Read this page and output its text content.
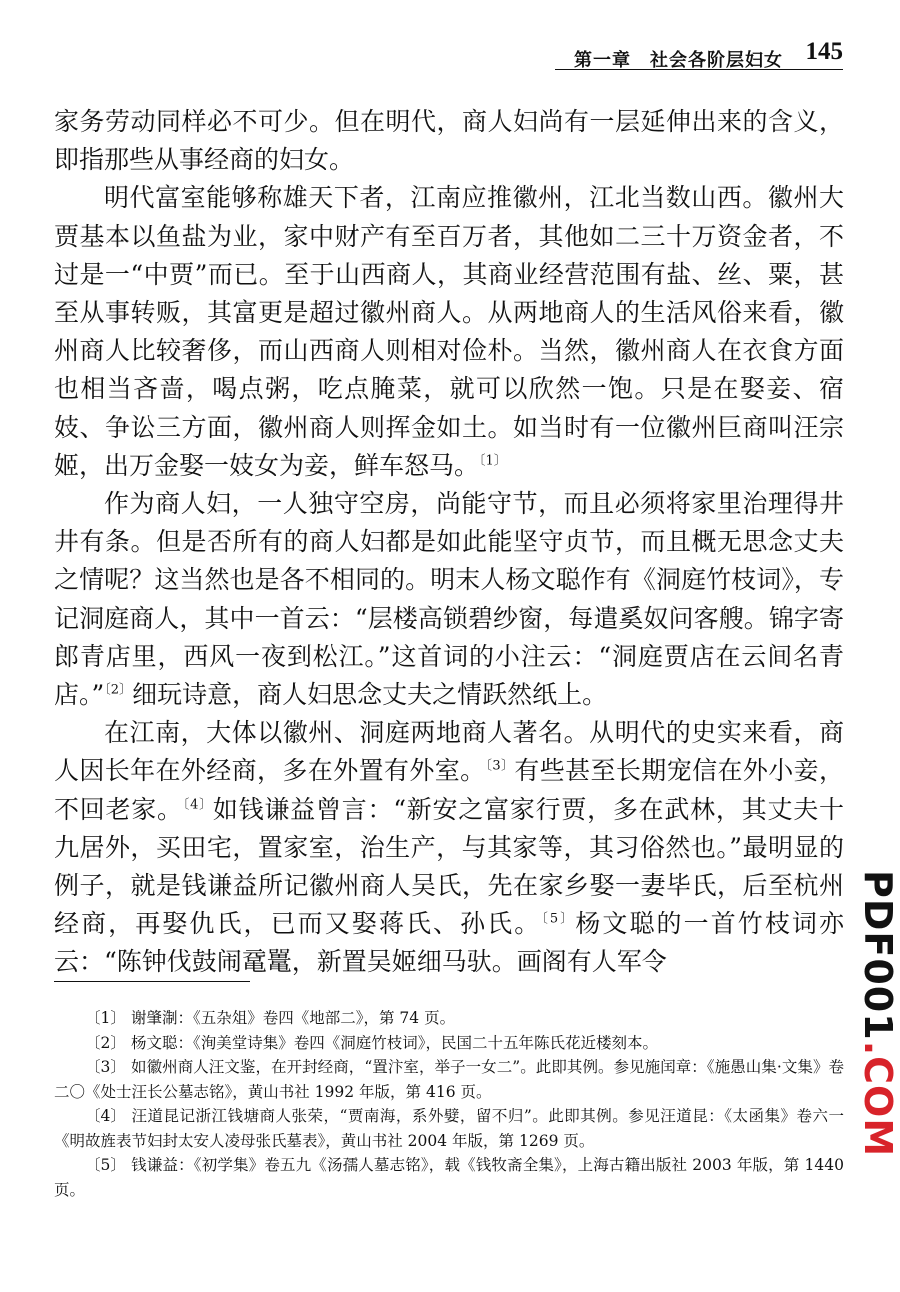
第一章　社会各阶层妇女 145

家务劳动同样必不可少。但在明代，商人妇尚有一层延伸出来的含义，即指那些从事经商的妇女。

明代富室能够称雄天下者，江南应推徽州，江北当数山西。徽州大贾基本以鱼盐为业，家中财产有至百万者，其他如二三十万资金者，不过是一“中贾”而已。至于山西商人，其商业经营范围有盐、丝、粟，甚至从事转贩，其富更是超过徽州商人。从两地商人的生活风俗来看，徽州商人比较奢侈，而山西商人则相对俭朴。当然，徽州商人在衣食方面也相当吝啬，喝点粥，吃点腌菜，就可以欣然一饱。只是在娶妾、宿妓、争讼三方面，徽州商人则挥金如土。如当时有一位徽州巨商叫汪宗姬，出万金娶一妓女为妾，鲜车怒马。$^{〔1〕}$

作为商人妇，一人独守空房，尚能守节，而且必须将家里治理得井井有条。但是否所有的商人妇都是如此能坚守贞节，而且概无思念丈夫之情呢？这当然也是各不相同的。明末人杨文聪作有《洞庭竹枝词》，专记洞庭商人，其中一首云：“层楼高锁碧纱窗，每遣奚奴问客艘。锦字寄郎青店里，西风一夜到松江。”这首词的小注云：“洞庭贾店在云间名青店。”$^{〔2〕}$细玩诗意，商人妇思念丈夫之情跃然纸上。

在江南，大体以徽州、洞庭两地商人著名。从明代的史实来看，商人因长年在外经商，多在外置有外室。$^{〔3〕}$有些甚至长期宠信在外小妾，不回老家。$^{〔4〕}$如钱谦益曾言：“新安之富家行贾，多在武林，其丈夫十九居外，买田宅，置家室，治生产，与其家等，其习俗然也。”最明显的例子，就是钱谦益所记徽州商人吴氏，先在家乡娶一妻毕氏，后至杭州经商，再娶仇氏，已而又娶蒋氏、孙氏。$^{〔5〕}$杨文聪的一首竹枝词亦云：“陈钟伐鼓闹鼋鼍，新置吴姬细马驮。画阁有人军令

〔1〕 谢肇淛：《五杂俎》卷四《地部二》，第 74 页。

〔2〕 杨文聪：《洵美堂诗集》卷四《洞庭竹枝词》，民国二十五年陈氏花近楼刻本。

〔3〕 如徽州商人汪文鉴，在开封经商，“置汴室，举子一女二”。此即其例。参见施闰章：《施愚山集·文集》卷二〇《处士汪长公墓志铭》，黄山书社 1992 年版，第 416 页。

〔4〕 汪道昆记浙江钱塘商人张荣，“贾南海，系外嬖，留不归”。此即其例。参见汪道昆：《太函集》卷六一《明故旌表节妇封太安人凌母张氏墓表》，黄山书社 2004 年版，第 1269 页。

〔5〕 钱谦益：《初学集》卷五九《汤孺人墓志铭》，载《钱牧斋全集》，上海古籍出版社 2003 年版，第 1440 页。

PDF001.COM
